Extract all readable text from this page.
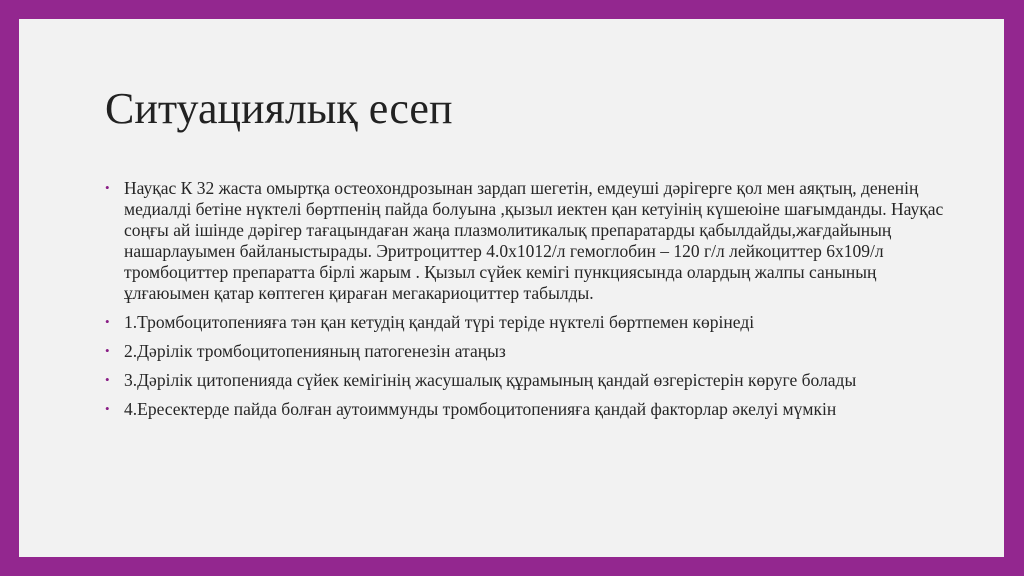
Ситуациялық есеп
• Науқас К 32 жаста омыртқа остеохондрозынан зардап шегетін, емдеуші дәрігерге қол мен аяқтың, дененің медиалді бетіне нүктелі бөртпенің пайда болуына ,қызыл иектен қан кетуінің күшеюіне шағымданды. Науқас соңғы ай ішінде дәрігер тағацындаған жаңа плазмолитикалық препаратарды қабылдайды,жағдайының нашарлауымен байланыстырады. Эритроциттер 4.0x1012/л гемоглобин – 120 г/л лейкоциттер 6x109/л тромбоциттер препаратта бірлі жарым . Қызыл сүйек кемігі пункциясында олардың жалпы санының ұлғаюымен қатар көптеген қираған мегакариоциттер табылды.
• 1.Тромбоцитопенияға тән қан кетудің қандай түрі теріде нүктелі бөртпемен көрінеді
• 2.Дәрілік тромбоцитопенияның патогенезін атаңыз
• 3.Дәрілік цитопенияда сүйек кемігінің жасушалық құрамының қандай өзгерістерін көруге болады
• 4.Ересектерде пайда болған аутоиммунды тромбоцитопенияға қандай факторлар әкелуі мүмкін
